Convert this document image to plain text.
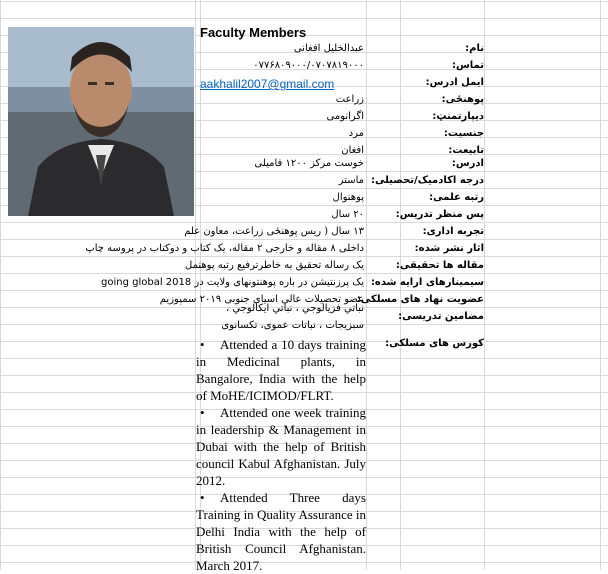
Faculty Members
نام:
تماس:
ایمل ادرس:
پوهنځی:
دیپارتمنټ:
جنسیت:
تابیعت:
ادرس:
درجه اکادمیک/تحصیلی:
رتبه علمی:
پس منظر تدریس:
تجربه اداری:
اثار نشر شده:
مقاله ها تحقیقی:
سیمینارهای ارایه شده:
عضویت نهاد های مسلکی:
مضامین تدریسی:
کورس های مسلکی:
عبدالخلیل افغانی
۰۷۷۶۸۰۹۰۰۰/۰۷۰۷۸۱۹۰۰۰
aakhalil2007@gmail.com
زراعت
اگرانومی
مرد
افغان
خوست مرکز ۱۲۰۰ فامیلی
ماستر
پوهنوال
۲۰ سال
۱۳ سال ( ریس پوهنځی زراعت، معاون علم
داخلی ۸ مقاله و خارجی ۲ مقاله، یک کتاب و دوکتاب در پروسه چاپ
یک رساله تحقیق به خاطرترفیع رتبه پوهنمل
یک پرزنتیشن در باره پوهنتونهای ولایت در going global 2018
عضو تحصیلات عالی اسیای جنوبی ۲۰۱۹ سمپوزیم
نباتي فزيالوجي ، نباتي ايكالوجي ،
سبزيجات ، نباتات عموى، تكسانوى
• Attended a 10 days training in Medicinal plants, in Bangalore, India with the help of MoHE/ICIMOD/FLRT.
• Attended one week training in leadership & Management in Dubai with the help of British council Kabul Afghanistan. July 2012.
• Attended Three days Training in Quality Assurance in Delhi India with the help of British Council Afghanistan. March 2017.
